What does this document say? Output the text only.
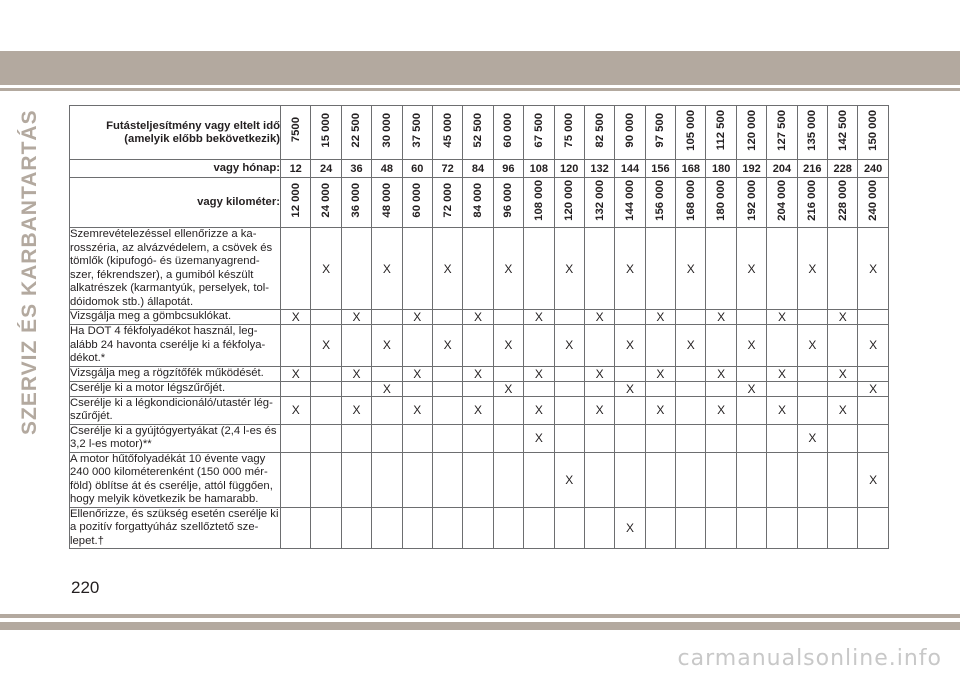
SZERVIZ ÉS KARBANTARTÁS	Futásteljesítmény vagy eltelt idő (amelyik előbb bekövetkezik)	7500	15 000	22 500	30 000	37 500	45 000	52 500	60 000	67 500	75 000	82 500	90 000	97 500	105 000	112 500	120 000	127 500	135 000	142 500	150 000
vagy hónap:	12	24	36	48	60	72	84	96	108	120	132	144	156	168	180	192	204	216	228	240
vagy kilométer:	12 000	24 000	36 000	48 000	60 000	72 000	84 000	96 000	108 000	120 000	132 000	144 000	156 000	168 000	180 000	192 000	204 000	216 000	228 000	240 000
Szemrevételezéssel ellenőrizze a ka-rosszéria, az alvázvédelem, a csövek és tömlők (kipufogó- és üzemanyagrend-szer, fékrendszer), a gumiból készült alkatrészek (karmantyúk, perselyek, tol-dóidomok stb.) állapotát.		X		X		X		X		X		X		X		X		X		X
Vizsgálja meg a gömbcsuklókat.	X		X		X		X		X		X		X		X		X		X	
Ha DOT 4 fékfolyadékot használ, leg-alább 24 havonta cserélje ki a fékfolya-dékot.*		X		X		X		X		X		X		X		X		X		X
Vizsgálja meg a rögzítőfék működését.	X		X		X		X		X		X		X		X		X		X	
Cserélje ki a motor légszűrőjét.				X				X				X				X				X
Cserélje ki a légkondicionáló/utastér lég-szűrőjét.	X		X		X		X		X		X		X		X		X		X	
Cserélje ki a gyújtógyertyákat (2,4 l-es és 3,2 l-es motor)**									X									X		
A motor hűtőfolyadékát 10 évente vagy 240 000 kilométerenként (150 000 mér-föld) öblítse át és cserélje, attól függően, hogy melyik következik be hamarabb.										X										X
Ellenőrizze, és szükség esetén cserélje ki a pozitív forgattyúház szellőztető sze-lepet.†												X								
220
carmanualsonline.info
